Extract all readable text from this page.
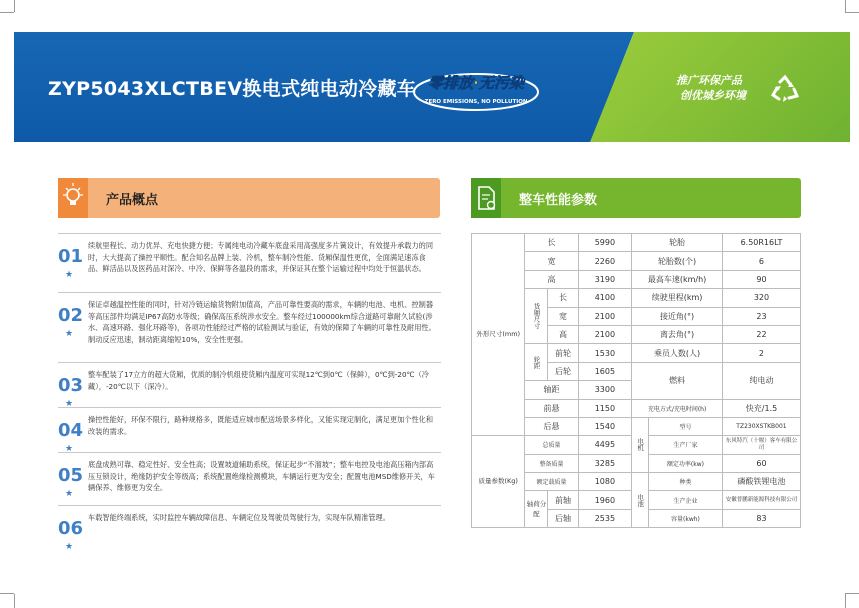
ZYP5043XLCTBEV换电式纯电动冷藏车 零排放·无污染
ZERO EMISSIONS, NO POLLUTION
推广环保产品
创优城乡环境
产品概点	整车性能参数
01
★
续航里程长、动力优异、充电快捷方便；专属纯电动冷藏车底盘采用高强度多片簧设计，有效提升承载力的同时，大大提高了操控平顺性。配合知名品牌上装、冷机，整车制冷性能、货厢保温性更优，全面满足速冻食品、鲜活品以及医药品对深冷、中冷、保鲜等各温段的需求，并保证其在整个运输过程中均处于恒温状态。
02
★
保证卓越温控性能的同时，针对冷链运输货物附加值高，产品可靠性要高的需求，车辆的电池、电机、控制器等高压部件均满足IP67高防水等级；确保高压系统涉水安全。整车经过100000km综合道路可靠耐久试验(涉水、高速环路、强化环路等)，各项功性能经过严格的试验测试与验证，有效的保障了车辆的可靠性及耐用性。制动反应迅速，制动距离缩短10%，安全性更强。
03
★
整车配装了17立方的超大货厢，优质的制冷机组使货厢内温度可实现12℃到0℃（保鲜），0℃到-20℃（冷藏），-20℃以下（深冷）。
04
★
操控性能好，环保不限行，路种规格多，既能适应城市配送场景多样化，又能实现定制化，满足更加个性化和改装的需求。
05
★
底盘成熟可靠、稳定性好、安全性高；设置坡道辅助系统，保证起步“不溜坡”；整车电控及电池高压箱内部高压互锁设计，绝缘防护安全等级高；系统配置绝缘检测模块，车辆运行更为安全；配置电池MSD维修开关，车辆保养、维修更为安全。
06
★
车载智能终端系统，实时监控车辆故障信息、车辆定位及驾驶员驾驶行为，实现车队精准管理。
外形尺寸(mm)	长		5990	轮胎		6.50R16LT
	宽		2260	轮胎数(个)		6
	高		3190	最高车速(km/h)		90
	货厢尺寸	长	4100	续驶里程(km)		320
		宽	2100	接近角(°)		23
		高	2100	离去角(°)		22
	轮距	前轮	1530	乘员人数(人)		2
		后轮	1605	燃料		纯电动
	轴距		3300			
	前悬		1150	充电方式/充电时间(h)		快充/1.5
	后悬		1540	电机	型号	TZ230XSTKB001
质量参数(Kg)	总质量		4495		生产厂家	东风特汽（十堰）客车有限公司
	整备质量		3285		额定功率(kw)	60
	额定载质量		1080	电池	种类	磷酸铁锂电池
	轴荷分配	前轴	1960		生产企业	安徽普鹏新能源科技有限公司
		后轴	2535		容量(kwh)	83
